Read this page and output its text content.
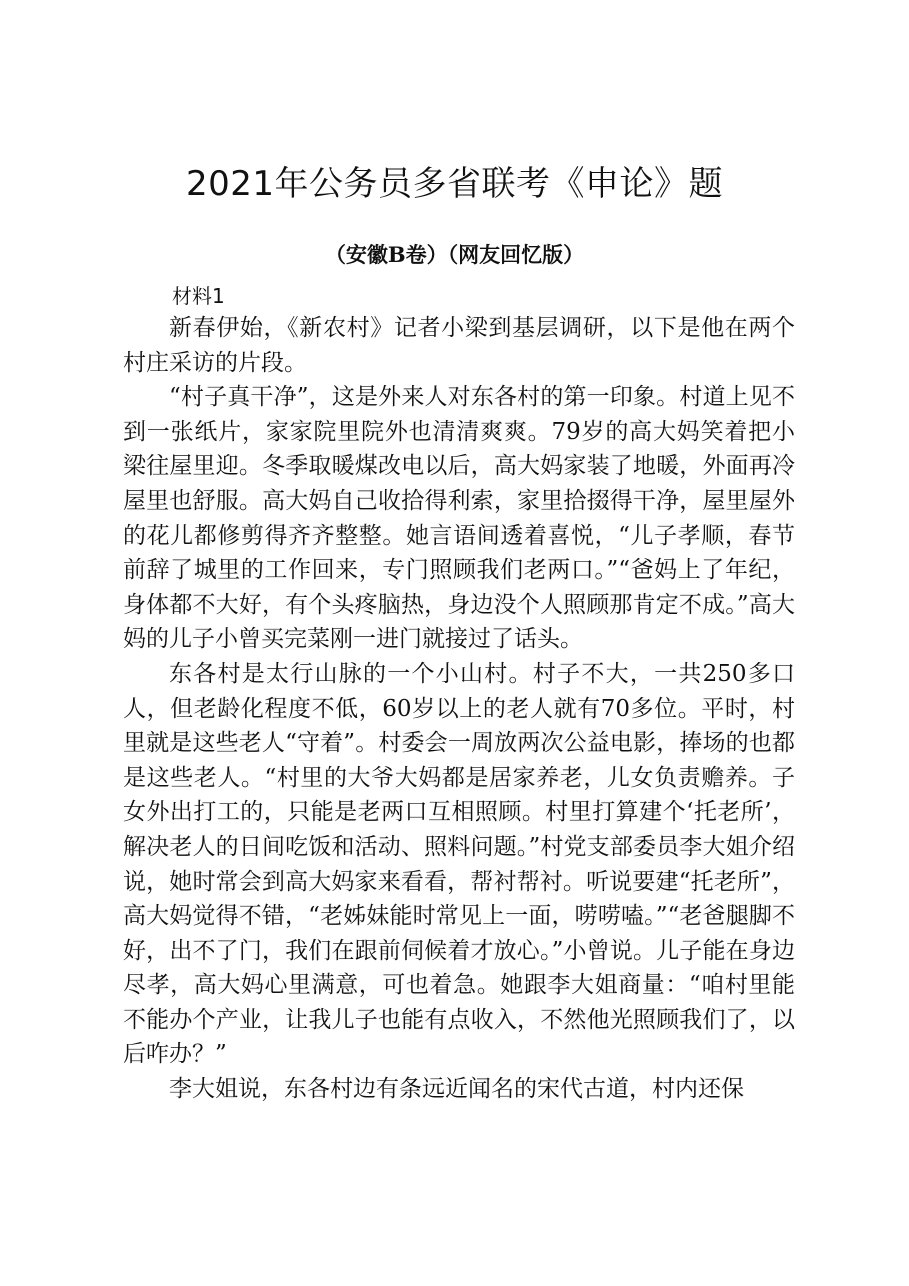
2021年公务员多省联考《申论》题
（安徽B卷）（网友回忆版）
材料1

新春伊始，《新农村》记者小梁到基层调研，以下是他在两个村庄采访的片段。

“村子真干净”，这是外来人对东各村的第一印象。村道上见不到一张纸片，家家院里院外也清清爽爽。79岁的高大妈笑着把小梁往屋里迎。冬季取暖煤改电以后，高大妈家装了地暖，外面再冷屋里也舒服。高大妈自己收拾得利索，家里拾掇得干净，屋里屋外的花儿都修剪得齐齐整整。她言语间透着喜悦，“儿子孝顺，春节前辞了城里的工作回来，专门照顾我们老两口。”“爸妈上了年纪，身体都不大好，有个头疼脑热，身边没个人照顾那肯定不成。”高大妈的儿子小曾买完菜刚一进门就接过了话头。

东各村是太行山脉的一个小山村。村子不大，一共250多口人，但老龄化程度不低，60岁以上的老人就有70多位。平时，村里就是这些老人“守着”。村委会一周放两次公益电影，捧场的也都是这些老人。“村里的大爷大妈都是居家养老，儿女负责赡养。子女外出打工的，只能是老两口互相照顾。村里打算建个‘托老所’，解决老人的日间吃饭和活动、照料问题。”村党支部委员李大姐介绍说，她时常会到高大妈家来看看，帮衬帮衬。听说要建“托老所”，高大妈觉得不错，“老姊妹能时常见上一面，唠唠嗑。”“老爸腿脚不好，出不了门，我们在跟前伺候着才放心。”小曾说。儿子能在身边尽孝，高大妈心里满意，可也着急。她跟李大姐商量：“咱村里能不能办个产业，让我儿子也能有点收入，不然他光照顾我们了，以后咋办？”

李大姐说，东各村边有条远近闻名的宋代古道，村内还保
